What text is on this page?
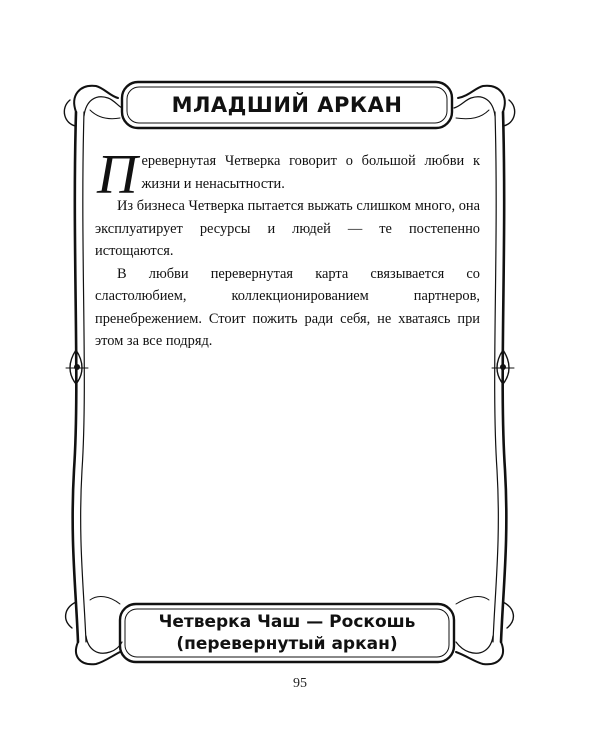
МЛАДШИЙ АРКАН

Перевернутая Четверка говорит о большой любви к жизни и ненасытности.

Из бизнеса Четверка пытается выжать слишком много, она эксплуатирует ресурсы и людей — те постепенно истощаются.

В любви перевернутая карта связывается со сластолюбием, коллекционированием партнеров, пренебрежением. Стоит пожить ради себя, не хватаясь при этом за все подряд.

Четверка Чаш — Роскошь
(перевернутый аркан)
95
